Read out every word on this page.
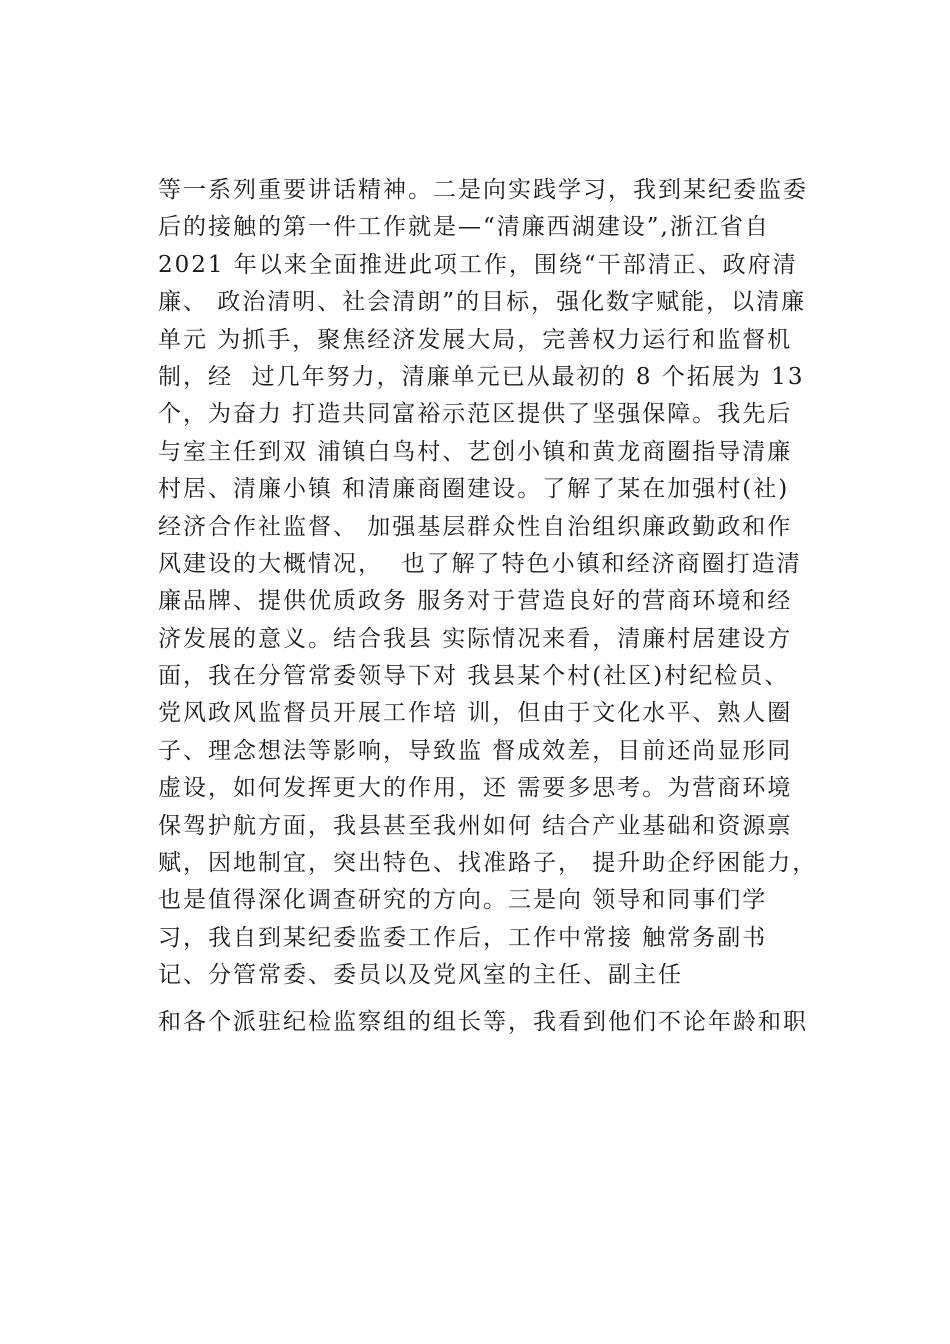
等一系列重要讲话精神。二是向实践学习，我到某纪委监委
后的接触的第一件工作就是—“清廉西湖建设”,浙江省自
2021 年以来全面推进此项工作，围绕“干部清正、政府清
廉、 政治清明、社会清朗”的目标，强化数字赋能，以清廉
单元 为抓手，聚焦经济发展大局，完善权力运行和监督机
制，经  过几年努力，清廉单元已从最初的 8 个拓展为 13
个，为奋力 打造共同富裕示范区提供了坚强保障。我先后
与室主任到双 浦镇白鸟村、艺创小镇和黄龙商圈指导清廉
村居、清廉小镇 和清廉商圈建设。了解了某在加强村(社)
经济合作社监督、 加强基层群众性自治组织廉政勤政和作
风建设的大概情况，  也了解了特色小镇和经济商圈打造清
廉品牌、提供优质政务 服务对于营造良好的营商环境和经
济发展的意义。结合我县 实际情况来看，清廉村居建设方
面，我在分管常委领导下对 我县某个村(社区)村纪检员、
党风政风监督员开展工作培 训，但由于文化水平、熟人圈
子、理念想法等影响，导致监 督成效差，目前还尚显形同
虚设，如何发挥更大的作用，还 需要多思考。为营商环境
保驾护航方面，我县甚至我州如何 结合产业基础和资源禀
赋，因地制宜，突出特色、找准路子， 提升助企纾困能力，
也是值得深化调查研究的方向。三是向 领导和同事们学
习，我自到某纪委监委工作后，工作中常接 触常务副书
记、分管常委、委员以及党风室的主任、副主任
和各个派驻纪检监察组的组长等，我看到他们不论年龄和职
